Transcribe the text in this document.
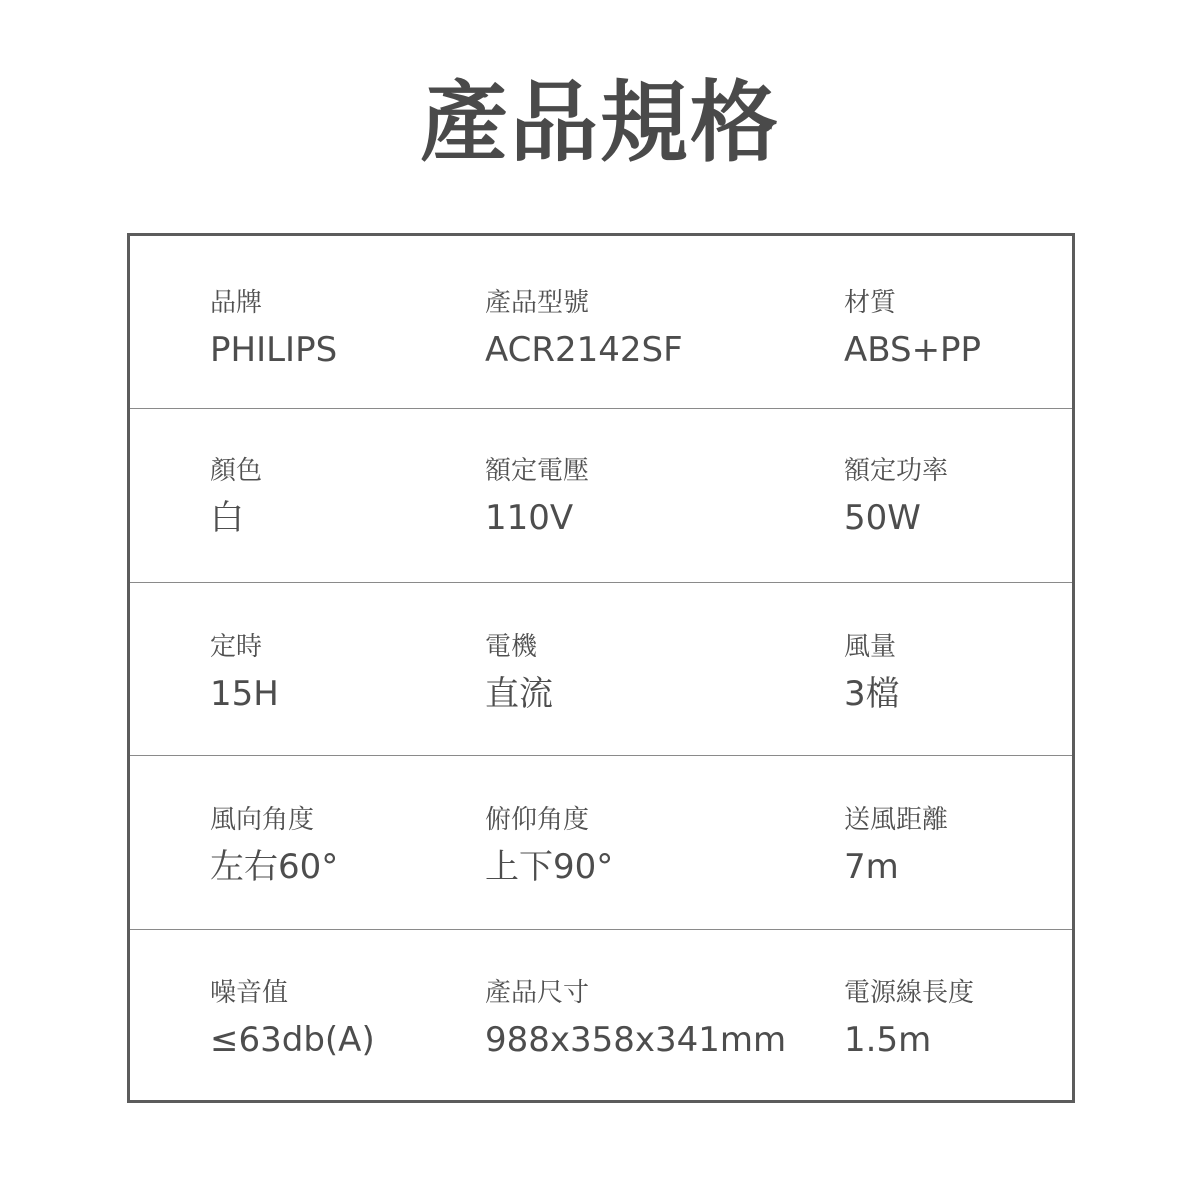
產品規格
品牌
PHILIPS
產品型號
ACR2142SF
材質
ABS+PP
顏色
白
額定電壓
110V
額定功率
50W
定時
15H
電機
直流
風量
3檔
風向角度
左右60°
俯仰角度
上下90°
送風距離
7m
噪音值
≤63db(A)
產品尺寸
988x358x341mm
電源線長度
1.5m
